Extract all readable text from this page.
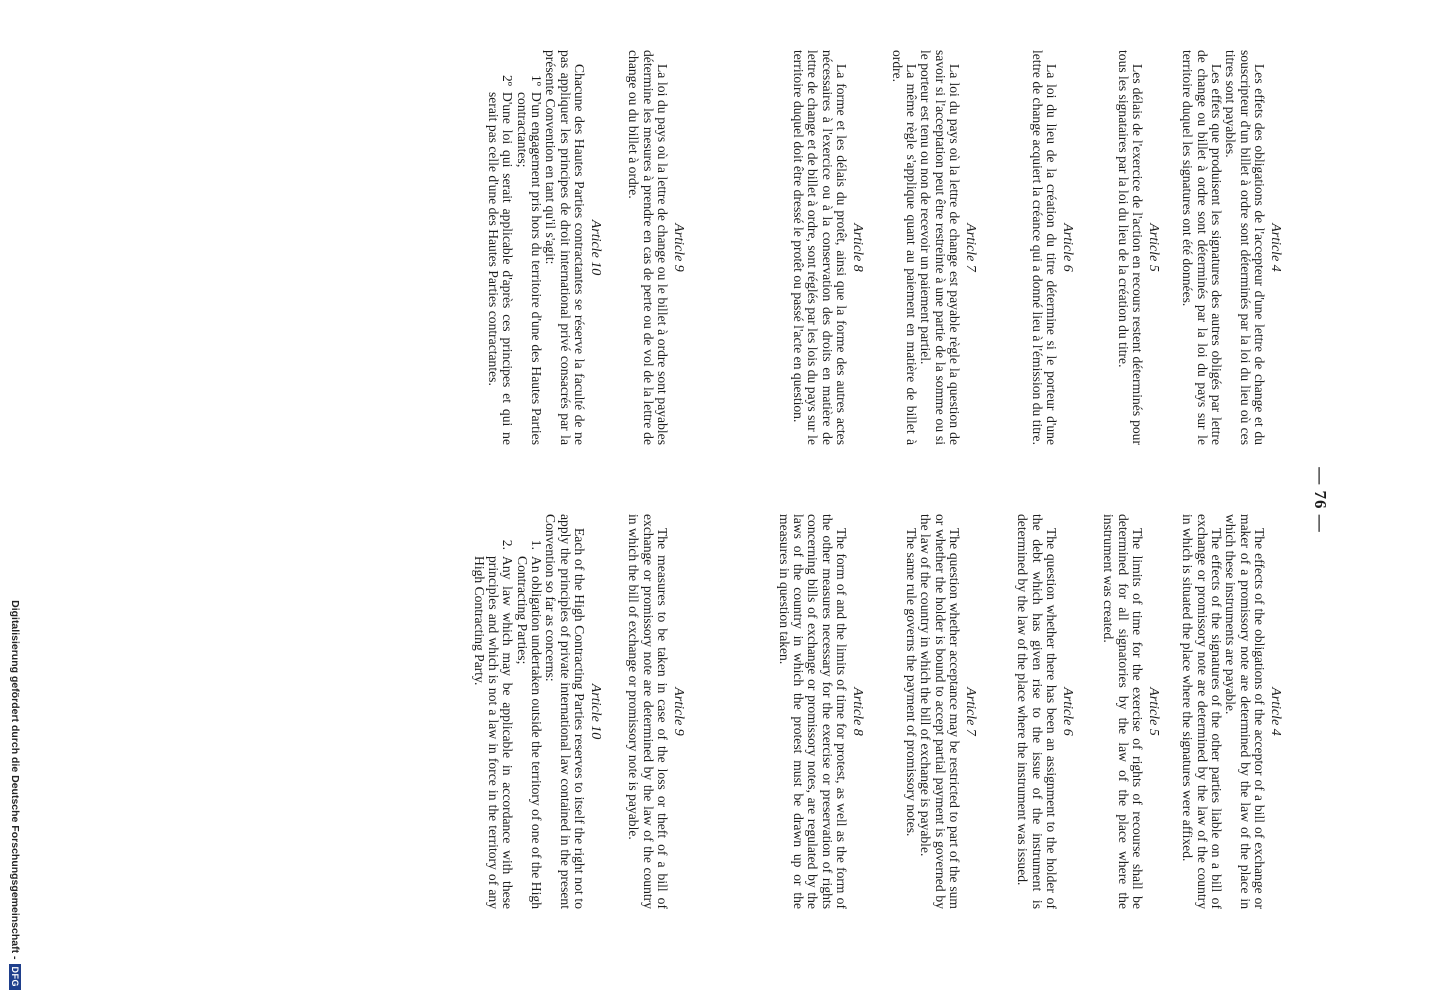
— 76 —
Article 4

Les effets des obligations de l'accepteur d'une lettre de change et du souscripteur d'un billet à ordre sont déterminés par la loi du lieu où ces titres sont payables.

Les effets que produisent les signatures des autres obligés par lettre de change ou billet à ordre sont déterminés par la loi du pays sur le territoire duquel les signatures ont été données.

Article 5

Les délais de l'exercice de l'action en recours restent déterminés pour tous les signataires par la loi du lieu de la création du titre.

Article 6

La loi du lieu de la création du titre détermine si le porteur d'une lettre de change acquiert la créance qui a donné lieu à l'émission du titre.

Article 7

La loi du pays où la lettre de change est payable règle la question de savoir si l'acceptation peut être restreinte à une partie de la somme ou si le porteur est tenu ou non de recevoir un paiement partiel.

La même règle s'applique quant au paiement en matière de billet à ordre.

Article 8

La forme et les délais du protêt, ainsi que la forme des autres actes nécessaires à l'exercice ou à la conservation des droits en matière de lettre de change et de billet à ordre, sont réglés par les lois du pays sur le territoire duquel doit être dressé le protêt ou passé l'acte en question.

Article 9

La loi du pays où la lettre de change ou le billet à ordre sont payables détermine les mesures à prendre en cas de perte ou de vol de la lettre de change ou du billet à ordre.

Article 10

Chacune des Hautes Parties contractantes se réserve la faculté de ne pas appliquer les principes de droit international privé consacrés par la présente Convention en tant qu'il s'agit:

1º
D'un engagement pris hors du territoire d'une des Hautes Parties contractantes;
2º
D'une loi qui serait applicable d'après ces principes et qui ne serait pas celle d'une des Hautes Parties contractantes.
Article 4

The effects of the obligations of the acceptor of a bill of exchange or maker of a promissory note are determined by the law of the place in which these instruments are payable.

The effects of the signatures of the other parties liable on a bill of exchange or promissory note are determined by the law of the country in which is situated the place where the signatures were affixed.

Article 5

The limits of time for the exercise of rights of recourse shall be determined for all signatories by the law of the place where the instrument was created.

Article 6

The question whether there has been an assignment to the holder of the debt which has given rise to the issue of the instrument is determined by the law of the place where the instrument was issued.

Article 7

The question whether acceptance may be restricted to part of the sum or whether the holder is bound to accept partial payment is governed by the law of the country in which the bill of exchange is payable.

The same rule governs the payment of promissory notes.

Article 8

The form of and the limits of time for protest, as well as the form of the other measures necessary for the exercise or preservation of rights concerning bills of exchange or promissory notes, are regulated by the laws of the country in which the protest must be drawn up or the measures in question taken.

Article 9

The measures to be taken in case of the loss or theft of a bill of exchange or promissory note are determined by the law of the country in which the bill of exchange or promissory note is payable.

Article 10

Each of the High Contracting Parties reserves to itself the right not to apply the principles of private international law contained in the present Convention so far as concerns:

1.
An obligation undertaken outside the territory of one of the High Contracting Parties;
2.
Any law which may be applicable in accordance with these principles and which is not a law in force in the territory of any High Contracting Party.
Digitalisierung gefördert durch die Deutsche Forschungsgemeinschaft -
DFG
